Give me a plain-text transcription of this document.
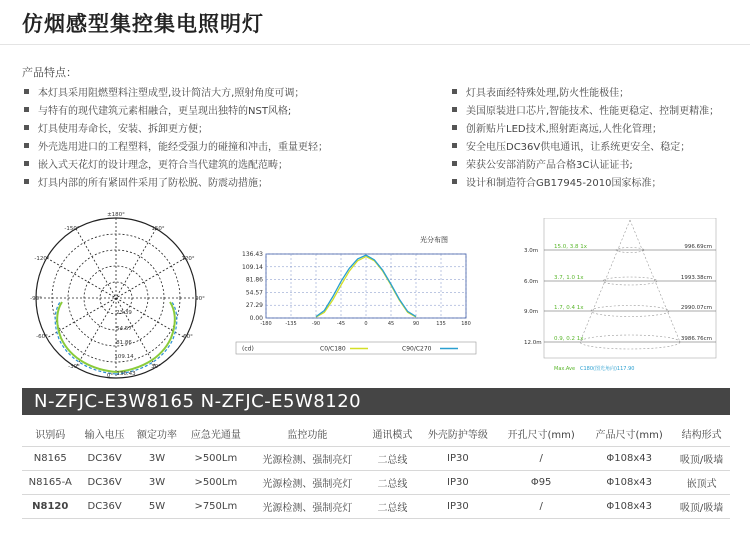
仿烟感型集控集电照明灯
产品特点：
本灯具采用阻燃塑料注塑成型,设计简洁大方,照射角度可调；
与特有的现代建筑元素相融合，更呈现出独特的NST风格;
灯具使用寿命长，安装、拆卸更方便；
外壳选用进口的工程塑料，能经受强力的碰撞和冲击，重量更轻；
嵌入式天花灯的设计理念，更符合当代建筑的选配范畴；
灯具内部的所有紧固件采用了防松脱、防震动措施；
灯具表面经特殊处理,防火性能极佳；
美国原装进口芯片,智能技术、性能更稳定、控制更精准；
创新贴片LED技术,照射距离远,人性化管理；
安全电压DC36V供电通讯，让系统更安全、稳定；
荣获公安部消防产品合格3C认证证书;
设计和制造符合GB17945-2010国家标准；
±180°
150°
-150°
120°
-120°
90°
-90°
60°
-60°
30°
-30°
0°
23.39
54.57
81.86
109.14
136.43
光分布图
136.43
109.14
81.86
54.57
27.29
0.00
-180	-135	-90	-45	0	45	90	135	180
(cd)	C0/C180	C90/C270
3.0m
6.0m
9.0m
12.0m
15.0, 3.8 1x
3.7, 1.0 1x
1.7, 0.4 1x
0.9, 0.2 1x
996.69cm
1993.38cm
2990.07cm
3986.76cm
Max.Ave C180(图光角向)117.90
N-ZFJC-E3W8165 N-ZFJC-E5W8120
识别码	输入电压	额定功率	应急光通量	监控功能	通讯模式	外壳防护等级	开孔尺寸(mm)	产品尺寸(mm)	结构形式
N8165	DC36V	3W	>500Lm	光源检测、强制亮灯	二总线	IP30	/	Φ108x43	吸顶/吸墙
N8165-A	DC36V	3W	>500Lm	光源检测、强制亮灯	二总线	IP30	Φ95	Φ108x43	嵌顶式
N8120	DC36V	5W	>750Lm	光源检测、强制亮灯	二总线	IP30	/	Φ108x43	吸顶/吸墙
